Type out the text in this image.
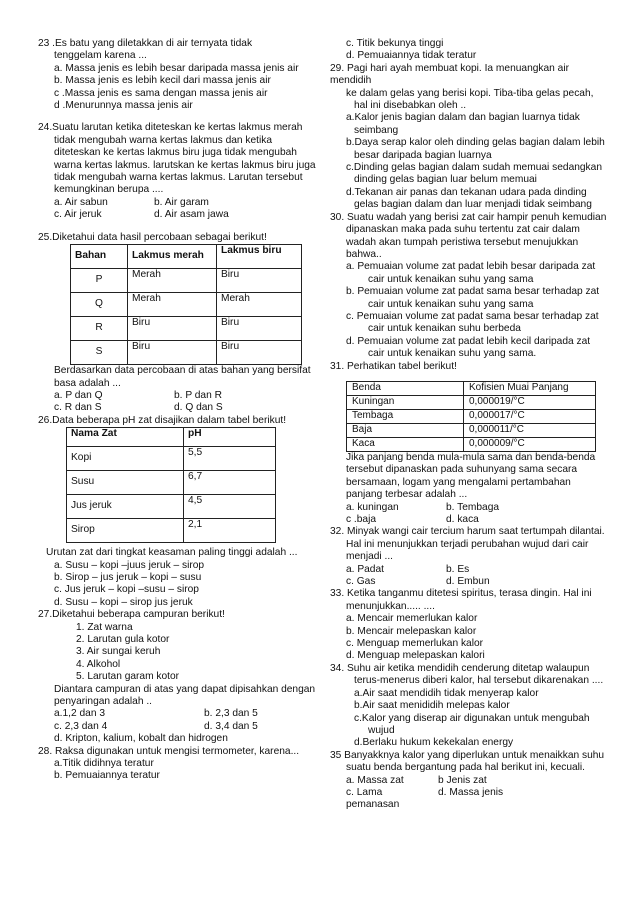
23 .Es batu yang diletakkan di air ternyata tidak

tenggelam karena ...

a. Massa jenis es lebih besar daripada massa jenis air

b. Massa jenis es lebih kecil dari massa jenis air

c .Massa jenis es sama dengan massa jenis air

d .Menurunnya massa jenis air

24.Suatu larutan ketika diteteskan ke kertas lakmus merah

tidak mengubah warna kertas lakmus dan ketika

diteteskan ke kertas lakmus biru juga tidak mengubah

warna kertas lakmus. larutskan ke kertas lakmus biru juga

tidak mengubah warna kertas lakmus. Larutan tersebut

kemungkinan berupa ....

a. Air sabun	b. Air garam
c. Air jeruk	d. Air asam jawa

25.Diketahui data hasil percobaan sebagai berikut!

Bahan	Lakmus merah	Lakmus biru
P	Merah	Biru
Q	Merah	Merah
R	Biru	Biru
S	Biru	Biru

Berdasarkan data percobaan di atas bahan yang bersifat

basa adalah ...

a. P dan Q	b. P dan R
c. R dan S	d. Q dan S

26.Data beberapa pH zat disajikan dalam tabel berikut!

Nama Zat	pH
Kopi	5,5
Susu	6,7
Jus jeruk	4,5
Sirop	2,1

Urutan zat dari tingkat keasaman paling tinggi adalah ...

a. Susu – kopi –juus jeruk – sirop

b. Sirop – jus jeruk – kopi – susu

c. Jus jeruk – kopi –susu – sirop

d. Susu – kopi – sirop jus jeruk

27.Diketahui beberapa campuran berikut!

1. Zat warna

2. Larutan gula kotor

3. Air sungai keruh

4. Alkohol

5. Larutan garam kotor

Diantara campuran di atas yang dapat dipisahkan dengan

penyaringan adalah ..

a.1,2 dan 3	b. 2,3 dan 5
c. 2,3 dan 4	d. 3,4 dan 5

d. Kripton, kalium, kobalt dan hidrogen

28. Raksa digunakan untuk mengisi termometer, karena...

a.Titik didihnya teratur

b. Pemuaiannya teratur

c. Titik bekunya tinggi

d. Pemuaiannya tidak teratur

29. Pagi hari ayah membuat kopi. Ia menuangkan air mendidih

ke dalam gelas yang berisi kopi. Tiba-tiba gelas pecah,

hal ini disebabkan oleh ..

a.Kalor jenis bagian dalam dan bagian luarnya tidak

seimbang

b.Daya serap kalor oleh dinding gelas bagian dalam lebih

besar daripada bagian luarnya

c.Dinding gelas bagian dalam sudah memuai sedangkan

dinding gelas bagian luar belum memuai

d.Tekanan air panas dan tekanan udara pada dinding

gelas bagian dalam dan luar menjadi tidak seimbang

30. Suatu wadah yang berisi zat cair hampir penuh kemudian

dipanaskan maka pada suhu tertentu zat cair dalam

wadah akan tumpah peristiwa tersebut menujukkan

bahwa..

a. Pemuaian volume zat padat lebih besar daripada zat

cair untuk kenaikan suhu yang sama

b. Pemuaian volume zat padat sama besar terhadap zat

cair untuk kenaikan suhu yang sama

c. Pemuaian volume zat padat sama besar terhadap zat

cair untuk kenaikan suhu berbeda

d. Pemuaian volume zat padat lebih kecil daripada zat

cair untuk kenaikan suhu yang sama.

31. Perhatikan tabel berikut!

Benda	Kofisien Muai Panjang
Kuningan	0,000019/°C
Tembaga	0,000017/°C
Baja	0,000011/°C
Kaca	0,000009/°C

Jika panjang benda mula-mula sama dan benda-benda

tersebut dipanaskan pada suhunyang sama secara

bersamaan, logam yang mengalami pertambahan

panjang terbesar adalah ...

a. kuningan	b. Tembaga
c .baja	d. kaca

32. Minyak wangi cair tercium harum saat tertumpah dilantai.

Hal ini menunjukkan terjadi perubahan wujud dari cair

menjadi ...

a. Padat	b. Es
c. Gas	d. Embun

33. Ketika tanganmu ditetesi spiritus, terasa dingin. Hal ini

menunjukkan..... ....

a. Mencair memerlukan kalor

b. Mencair melepaskan kalor

c. Menguap memerlukan kalor

d. Menguap melepaskan kalori

34. Suhu air ketika mendidih cenderung ditetap walaupun

terus-menerus diberi kalor, hal tersebut dikarenakan ....

a.Air saat mendidih tidak menyerap kalor

b.Air saat menididih melepas kalor

c.Kalor yang diserap air digunakan untuk mengubah

wujud

d.Berlaku hukum kekekalan energy

35 Banyakknya kalor yang diperlukan untuk menaikkan suhu

suatu benda bergantung pada hal berikut ini, kecuali.

a. Massa zat	b Jenis zat
c. Lama pemanasan
d. Massa jenis
